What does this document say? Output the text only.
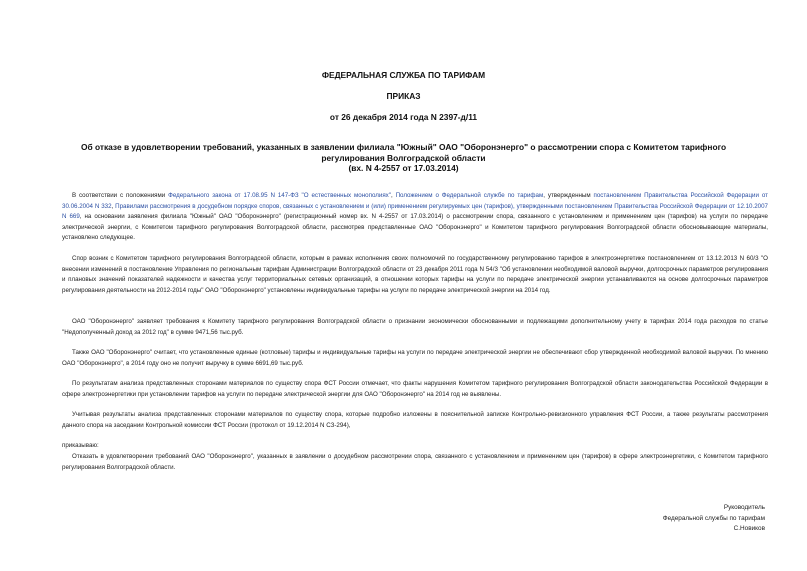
ФЕДЕРАЛЬНАЯ СЛУЖБА ПО ТАРИФАМ
ПРИКАЗ
от 26 декабря 2014 года N 2397-д/11
Об отказе в удовлетворении требований, указанных в заявлении филиала "Южный" ОАО "Оборонэнерго" о рассмотрении спора с Комитетом тарифного
регулирования Волгоградской области
(вх. N 4-2557 от 17.03.2014)
В соответствии с положениями Федерального закона от 17.08.95 N 147-ФЗ "О естественных монополиях", Положением о Федеральной службе по тарифам, утвержденным постановлением Правительства Российской Федерации от 30.06.2004 N 332, Правилами рассмотрения в досудебном порядке споров, связанных с установлением и (или) применением регулируемых цен (тарифов), утвержденными постановлением Правительства Российской Федерации от 12.10.2007 N 669, на основании заявления филиала "Южный" ОАО "Оборонэнерго" (регистрационный номер вх. N 4-2557 от 17.03.2014) о рассмотрении спора, связанного с установлением и применением цен (тарифов) на услуги по передаче электрической энергии, с Комитетом тарифного регулирования Волгоградской области, рассмотрев представленные ОАО "Оборонэнерго" и Комитетом тарифного регулирования Волгоградской области обосновывающие материалы, установлено следующее.
Спор возник с Комитетом тарифного регулирования Волгоградской области, которым в рамках исполнения своих полномочий по государственному регулированию тарифов в электроэнергетике постановлением от 13.12.2013 N 60/3 "О внесении изменений в постановление Управления по региональным тарифам Администрации Волгоградской области от 23 декабря 2011 года N 54/3 "Об установлении необходимой валовой выручки, долгосрочных параметров регулирования и плановых значений показателей надежности и качества услуг территориальных сетевых организаций, в отношении которых тарифы на услуги по передаче электрической энергии устанавливаются на основе долгосрочных параметров регулирования деятельности на 2012-2014 годы" ОАО "Оборонэнерго" установлены индивидуальные тарифы на услуги по передаче электрической энергии на 2014 год.
ОАО "Оборонэнерго" заявляет требования к Комитету тарифного регулирования Волгоградской области о признании экономически обоснованными и подлежащими дополнительному учету в тарифах 2014 года расходов по статье "Недополученный доход за 2012 год" в сумме 9471,56 тыс.руб.
Также ОАО "Оборонэнерго" считает, что установленные единые (котловые) тарифы и индивидуальные тарифы на услуги по передаче электрической энергии не обеспечивают сбор утвержденной необходимой валовой выручки. По мнению ОАО "Оборонэнерго", в 2014 году оно не получит выручку в сумме 6691,69 тыс.руб.
По результатам анализа представленных сторонами материалов по существу спора ФСТ России отмечает, что факты нарушения Комитетом тарифного регулирования Волгоградской области законодательства Российской Федерации в сфере электроэнергетики при установлении тарифов на услуги по передаче электрической энергии для ОАО "Оборонэнерго" на 2014 год не выявлены.
Учитывая результаты анализа представленных сторонами материалов по существу спора, которые подробно изложены в пояснительной записке Контрольно-ревизионного управления ФСТ России, а также результаты рассмотрения данного спора на заседании Контрольной комиссии ФСТ России (протокол от 19.12.2014 N СЗ-294),
приказываю:
Отказать в удовлетворении требований ОАО "Оборонэнерго", указанных в заявлении о досудебном рассмотрении спора, связанного с установлением и применением цен (тарифов) в сфере электроэнергетики, с Комитетом тарифного регулирования Волгоградской области.
Руководитель
Федеральной службы по тарифам
С.Новиков
